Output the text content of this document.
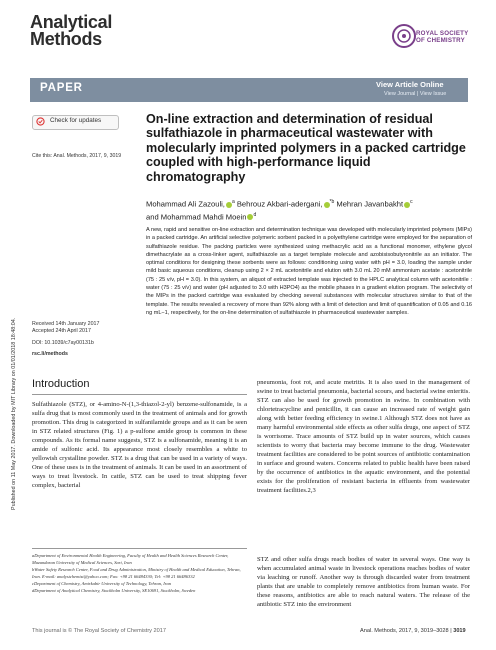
Analytical
Methods	ROYAL SOCIETY
OF CHEMISTRY
PAPER	View Article Online
View Journal | View Issue
Published on 11 May 2017. Downloaded by MIT Library on 01/01/2018 18:48:04.
Check for updates
Cite this: Anal. Methods, 2017, 9, 3019
On-line extraction and determination of residual sulfathiazole in pharmaceutical wastewater with molecularly imprinted polymers in a packed cartridge coupled with high-performance liquid chromatography
Mohammad Ali Zazouli, $^a$ Behrouz Akbari-adergani, $^{*b}$ Mehran Javanbakht $^c$
and Mohammad Mahdi Moein $^d$
A new, rapid and sensitive on-line extraction and determination technique was developed with molecularly imprinted polymers (MIPs) in a packed cartridge. An artificial selective polymeric sorbent packed in a polyethylene cartridge were employed for the separation of sulfathiazole residue. The packing particles were synthesized using methacrylic acid as a functional monomer, ethylene glycol dimethacrylate as a cross-linker agent, sulfathiazole as a target template molecule and azobisisobutyronitrile as an initiator. The optimal conditions for designing these sorbents were as follows: conditioning using water with pH = 3.0, loading the sample under mild basic aqueous conditions, cleanup using 2 × 2 mL acetonitrile and elution with 3.0 mL 20 mM ammonium acetate : acetonitrile (75 : 25 v/v, pH = 3.0). In this system, an aliquot of extracted template was injected to the HPLC analytical column with acetonitrile : water (75 : 25 v/v) and water (pH adjusted to 3.0 with H3PO4) as the mobile phases in a gradient elution program. The selectivity of the MIPs in the packed cartridge was evaluated by checking several substances with molecular structures similar to that of the template. The results revealed a recovery of more than 92% along with a limit of detection and limit of quantification of 0.05 and 0.16 ng mL−1, respectively, for the on-line determination of sulfathiazole in pharmaceutical wastewater samples.
Received 14th January 2017
Accepted 24th April 2017
DOI: 10.1039/c7ay00131b
rsc.li/methods
Introduction
Sulfathiazole (STZ), or 4-amino-N-(1,3-thiazol-2-yl) benzene-sulfonamide, is a sulfa drug that is most commonly used in the treatment of animals and for growth promotion. This drug is categorized in sulfanilamide groups and as it can be seen in STZ related structures (Fig. 1) a p-sulfone amide group is common in these compounds. As its formal name suggests, STZ is a sulfonamide, meaning it is an amide of sulfonic acid. Its appearance most closely resembles a white to yellowish crystalline powder. STZ is a drug that can be used in a variety of ways. One of these uses is in the treatment of animals. It can be used in an assortment of ways to treat livestock. In cattle, STZ can be used to treat shipping fever complex, bacterial
pneumonia, foot rot, and acute metritis. It is also used in the management of swine to treat bacterial pneumonia, bacterial scours, and bacterial swine enteritis. STZ can also be used for growth promotion in swine. In combination with chlortetracycline and penicillin, it can cause an increased rate of weight gain along with better feeding efficiency in swine.1 Although STZ does not have as many harmful environmental side effects as other sulfa drugs, one aspect of STZ is worrisome. Trace amounts of STZ build up in water sources, which causes scientists to worry that bacteria may become immune to the drug. Wastewater treatment facilities are considered to be point sources of antibiotic contamination in surface and ground waters. Concerns related to public health have been raised by the occurrence of antibiotics in the aquatic environment, and the potential exists for the proliferation of resistant bacteria in effluents from wastewater treatment facilities.2,3
STZ and other sulfa drugs reach bodies of water in several ways. One way is when accumulated animal waste in livestock operations reaches bodies of water via leaching or runoff. Another way is through discarded water from treatment plants that are unable to completely remove antibiotics from human waste. For these reasons, antibiotics are able to reach natural waters. The release of the antibiotic STZ into the environment
aDepartment of Environmental Health Engineering, Faculty of Health and Health Sciences Research Center, Mazandaran University of Medical Sciences, Sari, Iran
bWater Safety Research Center, Food and Drug Administration, Ministry of Health and Medical Education, Tehran, Iran. E-mail: analystchemist@yahoo.com; Fax: +98 21 66484330; Tel: +98 21 66486332
cDepartment of Chemistry, Amirkabir University of Technology, Tehran, Iran
dDepartment of Analytical Chemistry, Stockholm University, SE10691, Stockholm, Sweden
This journal is © The Royal Society of Chemistry 2017	Anal. Methods, 2017, 9, 3019–3028 | 3019
